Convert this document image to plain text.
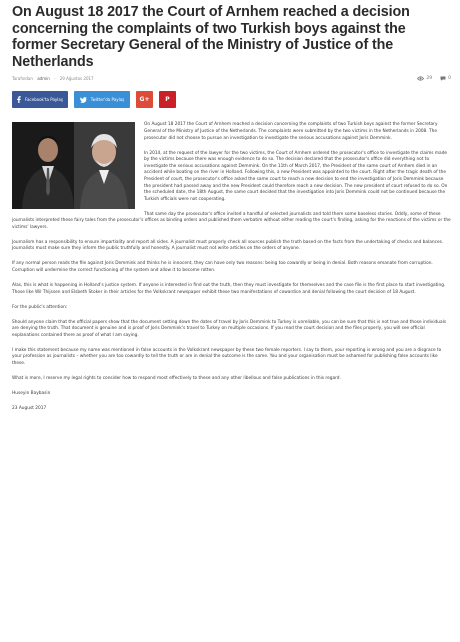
On August 18 2017 the Court of Arnhem reached a decision concerning the complaints of two Turkish boys against the former Secretary General of the Ministry of Justice of the Netherlands
Tarafından admin - 29 Ağustos 2017	29	0
Facebook'ta Paylaş	Twitter'da Paylaş	G+	P

On August 18 2017 the Court of Arnhem reached a decision concerning the complaints of two Turkish boys against the former Secretary General of the Ministry of Justice of the Netherlands. The complaints were submitted by the two victims in the Netherlands in 2008. The prosecutor did not choose to pursue an investigation to investigate the serious accusations against Joris Demmink.

In 2014, at the request of the lawyer for the two victims, the Court of Arnhem ordered the prosecutor's office to investigate the claims made by the victims because there was enough evidence to do so. The decision declared that the prosecutor's office did everything not to investigate the serious accusations against Demmink. On the 11th of March 2017, the President of the same court of Arnhem died in an accident while boating on the river in Holland. Following this, a new President was appointed to the court. Right after the tragic death of the President of court, the prosecutor's office asked the same court to reach a new decision to end the investigation of Joris Demmink because the president had passed away and the new President could therefore reach a new decision. The new president of court refused to do so. On the scheduled date, the 18th August, the same court decided that the investigation into Joris Demmink could not be continued because the Turkish officials were not cooperating.

That same day the prosecutor's office invited a handful of selected journalists and told them some baseless stories. Oddly, some of these journalists interpreted these fairy tales from the prosecutor's offices as binding orders and published them verbatim without either reading the court's finding, asking for the reactions of the victims or the victims' lawyers.

Journalism has a responsibility to ensure impartiality and report all sides. A journalist must properly check all sources publish the truth based on the facts from the undertaking of checks and balances. Journalists must make sure they inform the public truthfully and honestly. A journalist must not write articles on the orders of anyone.

If any normal person reads the file against Joris Demmink and thinks he is innocent, they can have only two reasons: being too cowardly or being in denial. Both reasons emanate from corruption. Corruption will undermine the correct functioning of the system and allow it to become rotten.

Alas, this is what is happening in Holland's justice system. If anyone is interested in find out the truth, then they must investigate for themselves and the case file is the first place to start investigating. Those like Wil Thijssen and Elsbeth Stoker in their articles for the Volkskrant newspaper exhibit these two manifestations of cowardice and denial following the court decision of 18 August.

For the public's attention:

Should anyone claim that the official papers show that the document setting down the dates of travel by Joris Demmink to Turkey is unreliable, you can be sure that this is not true and those individuals are denying the truth. That document is genuine and is proof of Joris Demmink's travel to Turkey on multiple occasions. If you read the court decision and the files properly, you will see official explanations contained there as proof of what I am saying.

I make this statement because my name was mentioned in false accounts in the Volkskrant newspaper by these two female reporters. I say to them, your reporting is wrong and you are a disgrace to your profession as journalists – whether you are too cowardly to tell the truth or are in denial the outcome is the same. You and your organisation must be ashamed for publishing false accounts like these.

What is more, I reserve my legal rights to consider how to respond most effectively to these and any other libellous and false publications in this regard.

Huseyin Baybasin

23 August 2017
